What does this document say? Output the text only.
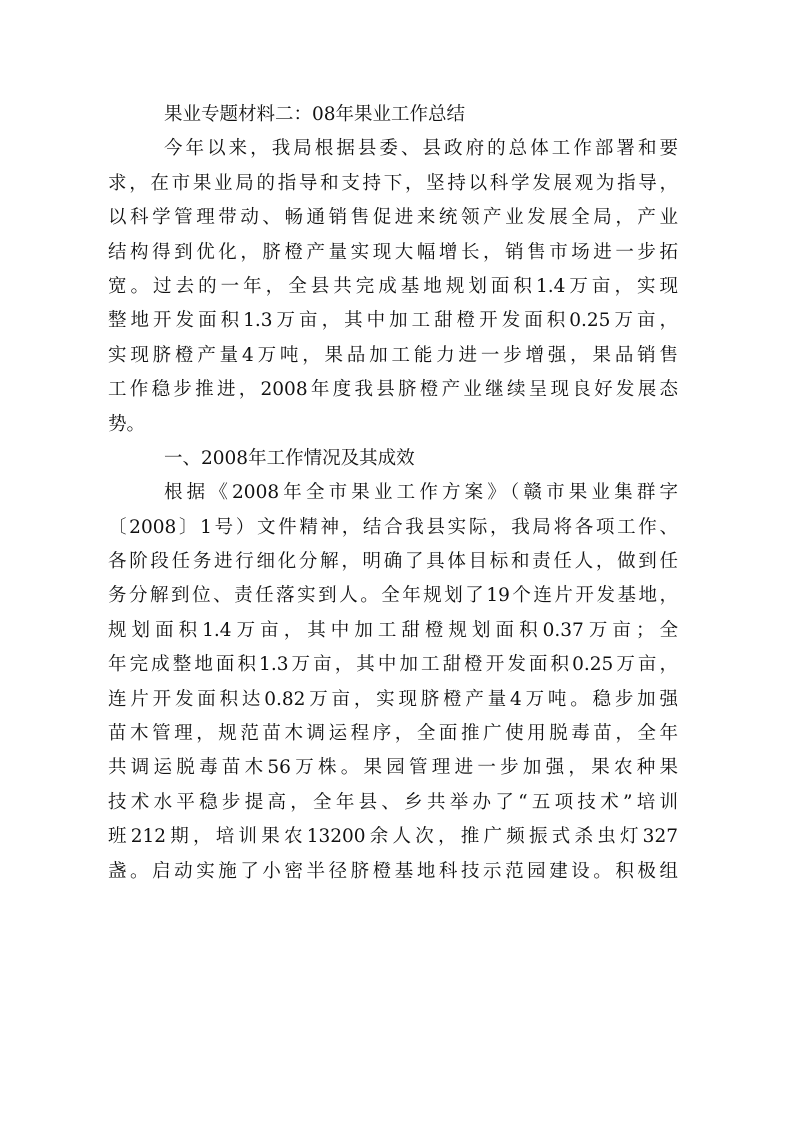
果业专题材料二：08年果业工作总结
今年以来，我局根据县委、县政府的总体工作部署和要
求，在市果业局的指导和支持下，坚持以科学发展观为指导，
以科学管理带动、畅通销售促进来统领产业发展全局，产业
结构得到优化，脐橙产量实现大幅增长，销售市场进一步拓
宽。过去的一年，全县共完成基地规划面积1.4万亩，实现
整地开发面积1.3万亩，其中加工甜橙开发面积0.25万亩，
实现脐橙产量4万吨，果品加工能力进一步增强，果品销售
工作稳步推进，2008年度我县脐橙产业继续呈现良好发展态
势。
一、2008年工作情况及其成效
根据《2008年全市果业工作方案》（赣市果业集群字
〔2008〕1号）文件精神，结合我县实际，我局将各项工作、
各阶段任务进行细化分解，明确了具体目标和责任人，做到任
务分解到位、责任落实到人。全年规划了19个连片开发基地，
规划面积1.4万亩，其中加工甜橙规划面积0.37万亩；全
年完成整地面积1.3万亩，其中加工甜橙开发面积0.25万亩，
连片开发面积达0.82万亩，实现脐橙产量4万吨。稳步加强
苗木管理，规范苗木调运程序，全面推广使用脱毒苗，全年
共调运脱毒苗木56万株。果园管理进一步加强，果农种果
技术水平稳步提高，全年县、乡共举办了“五项技术”培训
班212期，培训果农13200余人次，推广频振式杀虫灯327
盏。启动实施了小密半径脐橙基地科技示范园建设。积极组
